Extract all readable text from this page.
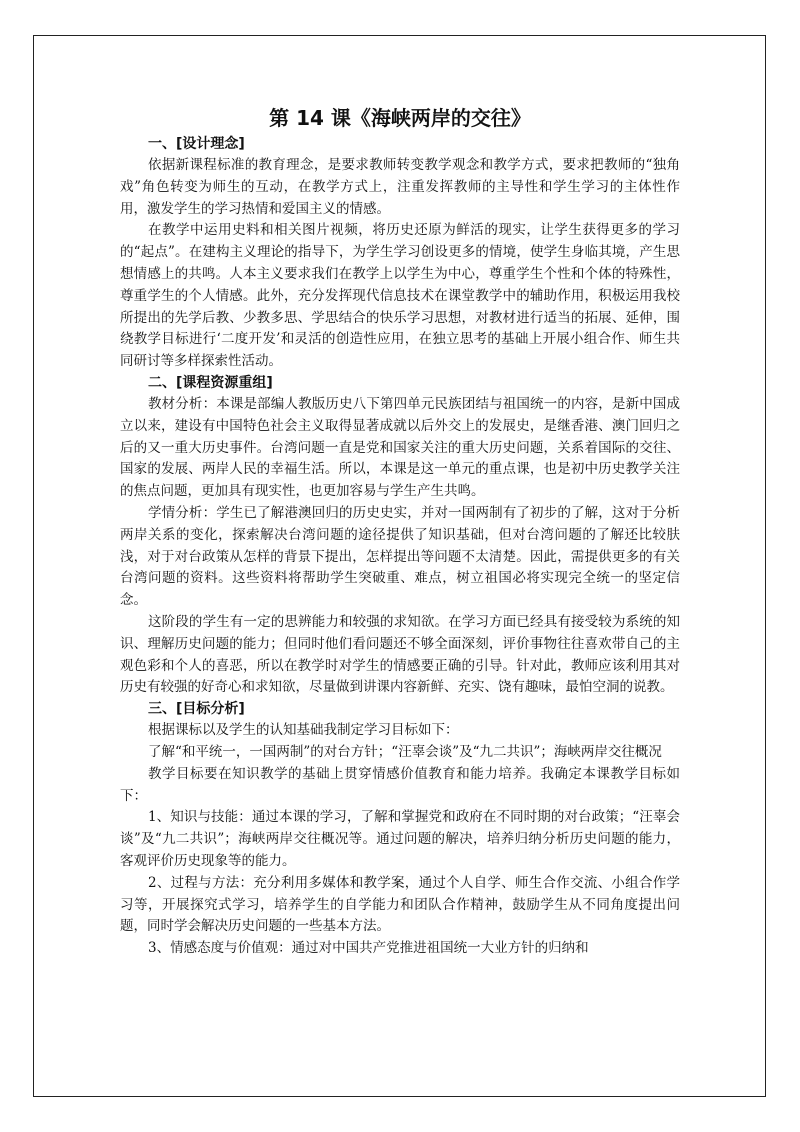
第 14 课《海峡两岸的交往》

一、[设计理念]

依据新课程标准的教育理念，是要求教师转变教学观念和教学方式，要求把教师的“独角戏”角色转变为师生的互动，在教学方式上，注重发挥教师的主导性和学生学习的主体性作用，激发学生的学习热情和爱国主义的情感。

在教学中运用史料和相关图片视频，将历史还原为鲜活的现实，让学生获得更多的学习的“起点”。在建构主义理论的指导下，为学生学习创设更多的情境，使学生身临其境，产生思想情感上的共鸣。人本主义要求我们在教学上以学生为中心，尊重学生个性和个体的特殊性，尊重学生的个人情感。此外，充分发挥现代信息技术在课堂教学中的辅助作用，积极运用我校所提出的先学后教、少教多思、学思结合的快乐学习思想，对教材进行适当的拓展、延伸，围绕教学目标进行‘二度开发’和灵活的创造性应用，在独立思考的基础上开展小组合作、师生共同研讨等多样探索性活动。

二、[课程资源重组]

教材分析：本课是部编人教版历史八下第四单元民族团结与祖国统一的内容，是新中国成立以来，建设有中国特色社会主义取得显著成就以后外交上的发展史，是继香港、澳门回归之后的又一重大历史事件。台湾问题一直是党和国家关注的重大历史问题，关系着国际的交往、国家的发展、两岸人民的幸福生活。所以，本课是这一单元的重点课，也是初中历史教学关注的焦点问题，更加具有现实性，也更加容易与学生产生共鸣。

学情分析：学生已了解港澳回归的历史史实，并对一国两制有了初步的了解，这对于分析两岸关系的变化，探索解决台湾问题的途径提供了知识基础，但对台湾问题的了解还比较肤浅，对于对台政策从怎样的背景下提出，怎样提出等问题不太清楚。因此，需提供更多的有关台湾问题的资料。这些资料将帮助学生突破重、难点，树立祖国必将实现完全统一的坚定信念。

这阶段的学生有一定的思辨能力和较强的求知欲。在学习方面已经具有接受较为系统的知识、理解历史问题的能力；但同时他们看问题还不够全面深刻，评价事物往往喜欢带自己的主观色彩和个人的喜恶，所以在教学时对学生的情感要正确的引导。针对此，教师应该利用其对历史有较强的好奇心和求知欲，尽量做到讲课内容新鲜、充实、饶有趣味，最怕空洞的说教。

三、[目标分析]

根据课标以及学生的认知基础我制定学习目标如下：

了解“和平统一，一国两制”的对台方针；“汪辜会谈”及“九二共识”；海峡两岸交往概况

教学目标要在知识教学的基础上贯穿情感价值教育和能力培养。我确定本课教学目标如下：

1、知识与技能：通过本课的学习，了解和掌握党和政府在不同时期的对台政策；“汪辜会谈”及“九二共识”；海峡两岸交往概况等。通过问题的解决，培养归纳分析历史问题的能力，客观评价历史现象等的能力。

2、过程与方法：充分利用多媒体和教学案，通过个人自学、师生合作交流、小组合作学习等，开展探究式学习，培养学生的自学能力和团队合作精神，鼓励学生从不同角度提出问题，同时学会解决历史问题的一些基本方法。

3、情感态度与价值观：通过对中国共产党推进祖国统一大业方针的归纳和
